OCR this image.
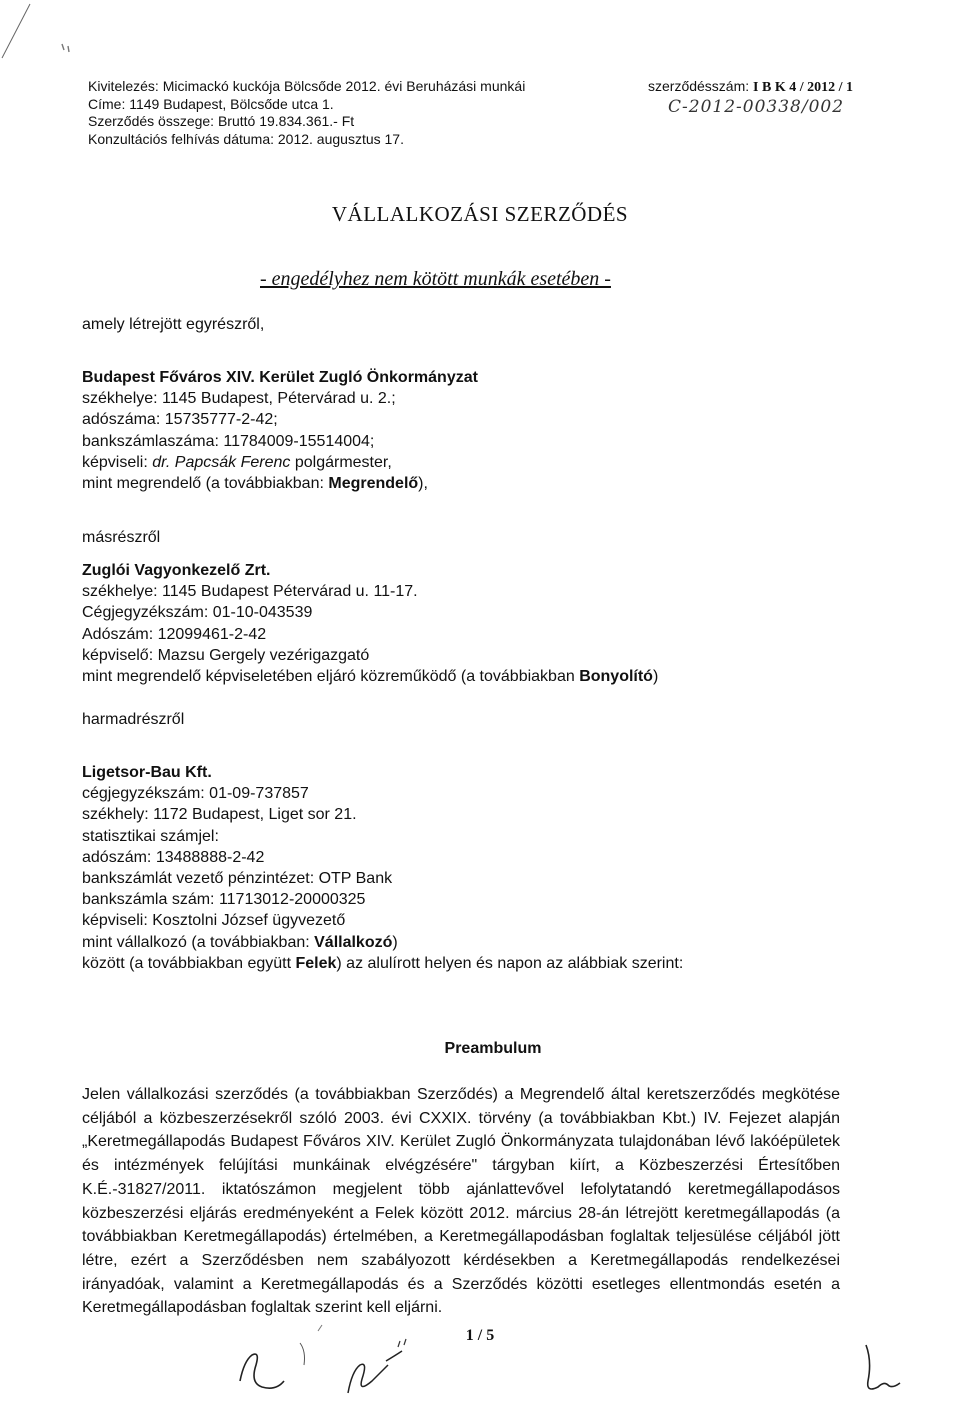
Kivitelezés: Micimackó kuckója Bölcsőde 2012. évi Beruházási munkái
Címe: 1149 Budapest, Bölcsőde utca 1.
Szerződés összege: Bruttó 19.834.361.- Ft
Konzultációs felhívás dátuma: 2012. augusztus 17.
szerződésszám: I B K 4 / 2012 / 1
C-2012-00338/002
VÁLLALKOZÁSI SZERZŐDÉS
- engedélyhez nem kötött munkák esetében -
amely létrejött egyrészről,
Budapest Főváros XIV. Kerület Zugló Önkormányzat
székhelye: 1145 Budapest, Pétervárad u. 2.;
adószáma: 15735777-2-42;
bankszámlaszáma: 11784009-15514004;
képviseli: dr. Papcsák Ferenc polgármester,
mint megrendelő (a továbbiakban: Megrendelő),
másrészről
Zuglói Vagyonkezelő Zrt.
székhelye: 1145 Budapest Pétervárad u. 11-17.
Cégjegyzékszám: 01-10-043539
Adószám: 12099461-2-42
képviselő: Mazsu Gergely vezérigazgató
mint megrendelő képviseletében eljáró közreműködő (a továbbiakban Bonyolító)
harmadrészről
Ligetsor-Bau Kft.
cégjegyzékszám: 01-09-737857
székhely: 1172 Budapest, Liget sor 21.
statisztikai számjel:
adószám: 13488888-2-42
bankszámlát vezető pénzintézet: OTP Bank
bankszámla szám: 11713012-20000325
képviseli: Kosztolni József ügyvezető
mint vállalkozó (a továbbiakban: Vállalkozó)
között (a továbbiakban együtt Felek) az alulírott helyen és napon az alábbiak szerint:
Preambulum
Jelen vállalkozási szerződés (a továbbiakban Szerződés) a Megrendelő által keretszerződés megkötése céljából a közbeszerzésekről szóló 2003. évi CXXIX. törvény (a továbbiakban Kbt.) IV. Fejezet alapján „Keretmegállapodás Budapest Főváros XIV. Kerület Zugló Önkormányzata tulajdonában lévő lakóépületek és intézmények felújítási munkáinak elvégzésére" tárgyban kiírt, a Közbeszerzési Értesítőben K.É.-31827/2011. iktatószámon megjelent több ajánlattevővel lefolytatandó keretmegállapodásos közbeszerzési eljárás eredményeként a Felek között 2012. március 28-án létrejött keretmegállapodás (a továbbiakban Keretmegállapodás) értelmében, a Keretmegállapodásban foglaltak teljesülése céljából jött létre, ezért a Szerződésben nem szabályozott kérdésekben a Keretmegállapodás rendelkezései irányadóak, valamint a Keretmegállapodás és a Szerződés közötti esetleges ellentmondás esetén a Keretmegállapodásban foglaltak szerint kell eljárni.
1 / 5
